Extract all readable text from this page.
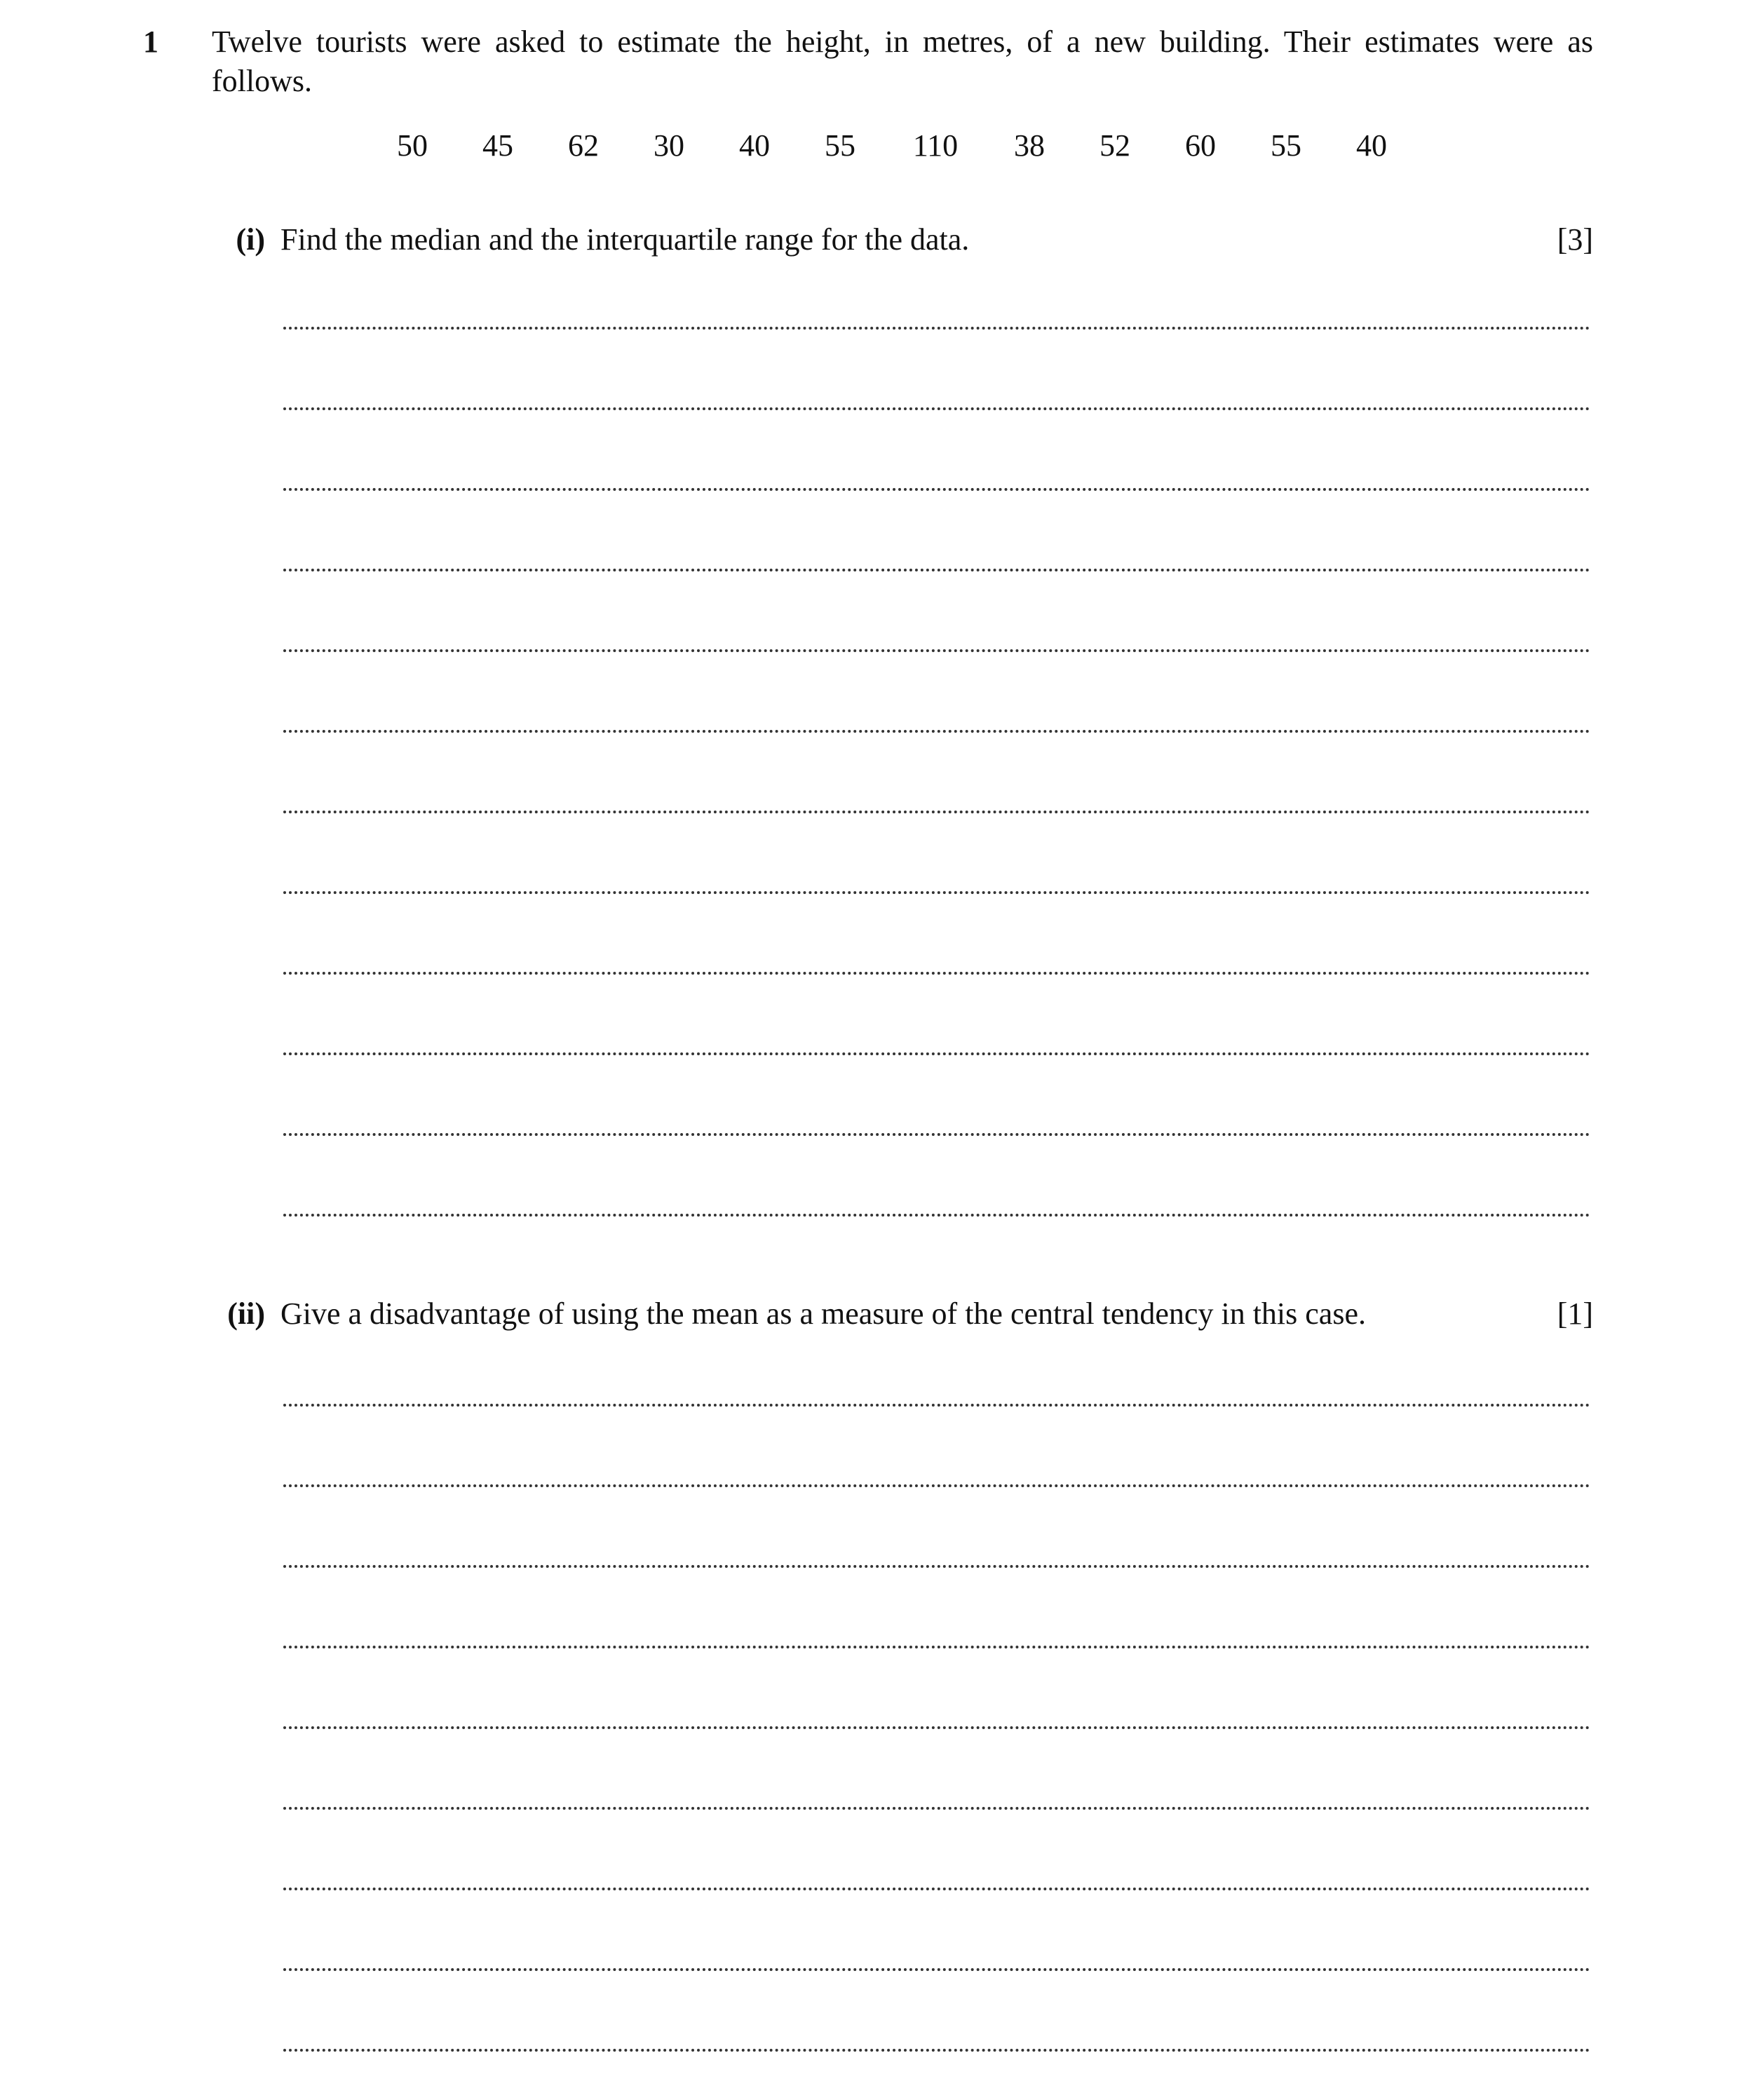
1 Twelve tourists were asked to estimate the height, in metres, of a new building. Their estimates were as follows.
50 45 62 30 40 55 110 38 52 60 55 40
(i) Find the median and the interquartile range for the data.	[3]
(ii) Give a disadvantage of using the mean as a measure of the central tendency in this case.	[1]
